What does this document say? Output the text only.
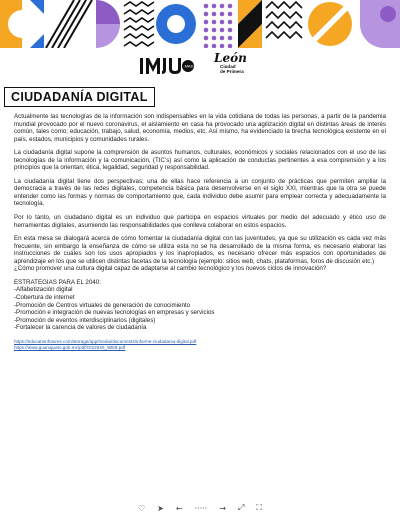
MAD
IMJU	León
Ciudad
de Primera
CIUDADANÍA DIGITAL

Actualmente las tecnologías de la información son indispensables en la vida cotidiana de todas las personas, a partir de la pandemia mundial provocado por el nuevo coronavirus, el aislamiento en casa ha provocado una agilización digital en distintas áreas de interés común, tales como; educación, trabajo, salud, economía, medios, etc. Así mismo, ha evidenciado la brecha tecnológica existente en el país, estados, municipios y comunidades rurales.

La ciudadanía digital supone la comprensión de asuntos humanos, culturales, económicos y sociales relacionados con el uso de las tecnologías de la información y la comunicación, (TIC’s) así como la aplicación de conductas pertinentes a esa comprensión y a los principios que la orientan; ética, legalidad, seguridad y responsabilidad.

La ciudadanía digital tiene dos perspectivas; una de ellas hace referencia a un conjunto de prácticas que permiten ampliar la democracia a través de las redes digitales, competencia básica para desenvolverse en el siglo XXI, mientras que la otra se puede entender como las formas y normas de comportamiento que, cada individuo debe asumir para emplear correcta y adecuadamente la tecnología.

Por lo tanto, un ciudadano digital es un individuo que participa en espacios virtuales por medio del adecuado y ético uso de herramientas digitales, asumiendo las responsabilidades que conlleva colaborar en estos espacios.

En esta mesa se dialogará acerca de cómo fomentar la ciudadanía digital con las juventudes, ya que su utilización es cada vez más frecuente, sin embargo la enseñanza de cómo se utiliza esta no se ha desarrollado de la misma forma, es necesario elaborar las instrucciones de cuáles son los usos apropiados y los inapropiados, es necesario ofrecer más espacios con oportunidades de aprendizaje en los que se utilicen distintas facetas de la tecnología (ejemplo: sitios web, chats, plataformas, foros de discusión etc.)
¿Cómo promover una cultura digital capaz de adaptarse al cambio tecnológico y los nuevos ciclos de innovación?

ESTRATEGIAS PARA EL 2040:
-Alfabetización digital
-Cobertura de internet
-Promoción de Centros virtuales de generación de conocimiento
-Promoción e integración de nuevas tecnologías en empresas y servicios
-Promoción de eventos interdisciplinarios (digitales)
-Fortalecer la carencia de valores de ciudadanía
https://educationfutures.com/storage/app/media/documents/informe-ciudadania-digital.pdf
https://www.guanajuato.gob.mx/pdf/Gto2040_WEB.pdf
♡ ➤ ← ····· → ⤢ ⛶
